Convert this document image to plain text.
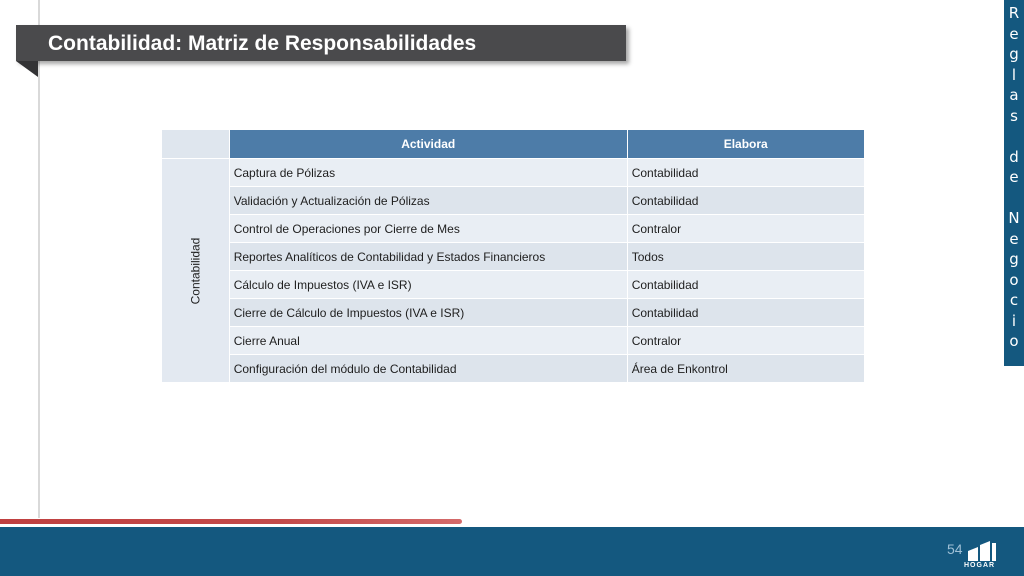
Contabilidad: Matriz de Responsabilidades
R
e
g
l
a
s
d
e
N
e
g
o
c
i
o
	Actividad	Elabora
Contabilidad	Captura de Pólizas	Contabilidad
	Validación y Actualización de Pólizas	Contabilidad
	Control de Operaciones por Cierre de Mes	Contralor
	Reportes Analíticos de Contabilidad y Estados Financieros	Todos
	Cálculo de Impuestos (IVA e ISR)	Contabilidad
	Cierre de Cálculo de Impuestos (IVA e ISR)	Contabilidad
	Cierre Anual	Contralor
	Configuración del módulo de Contabilidad	Área de Enkontrol
54
HOGAR
